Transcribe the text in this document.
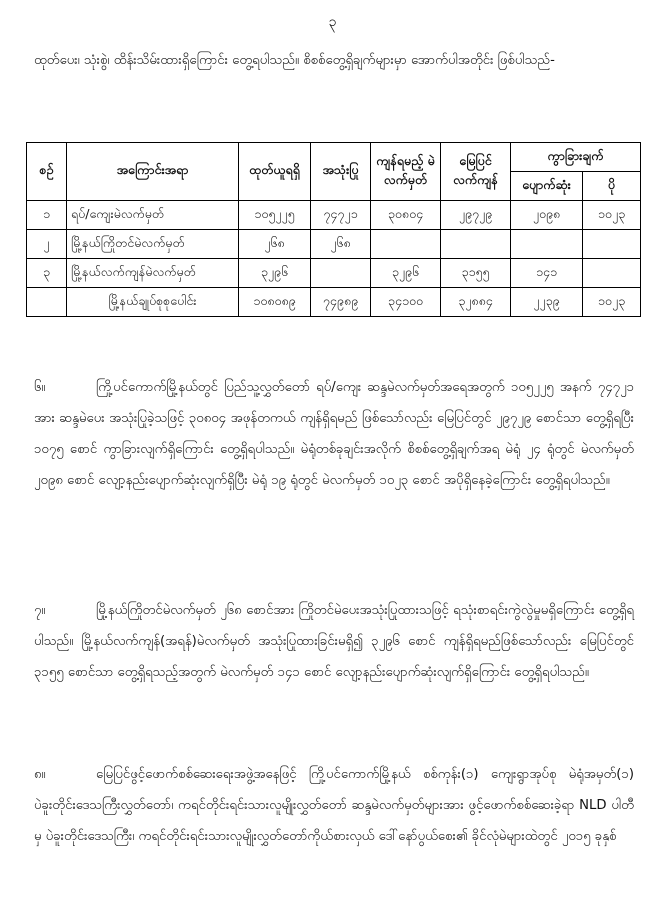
၃

ထုတ်ပေး၊ သုံးစွဲ၊ ထိန်းသိမ်းထားရှိကြောင်း တွေ့ရပါသည်။ စိစစ်တွေ့ရှိချက်များမှာ အောက်ပါအတိုင်း ဖြစ်ပါသည်-

စဉ်	အကြောင်းအရာ	ထုတ်ယူရရှိ	အသုံးပြု	ကျန်ရမည့် မဲလက်မှတ်	မြေပြင် လက်ကျန်	ကွာခြားချက်	
						ပျောက်ဆုံး	ပို
၁	ရပ်/ကျေးမဲလက်မှတ်	၁၀၅၂၂၅	၇၄၇၂၁	၃၀၈၀၄	၂၉၇၂၉	၂၀၉၈	၁၀၂၃
၂	မြို့နယ်ကြိုတင်မဲလက်မှတ်	၂၆၈	၂၆၈				
၃	မြို့နယ်လက်ကျန်မဲလက်မှတ်	၃၂၉၆		၃၂၉၆	၃၁၅၅	၁၄၁	
	မြို့နယ်ချုပ်စုစုပေါင်း	၁၀၈၀၈၉	၇၄၉၈၉	၃၄၁၀၀	၃၂၈၈၄	၂၂၃၉	၁၀၂၃

၆။	ကြို့ပင်ကောက်မြို့နယ်တွင် ပြည်သူ့လွှတ်တော် ရပ်/ကျေး ဆန္ဒမဲလက်မှတ်အရေအတွက် ၁၀၅၂၂၅ အနက် ၇၄၇၂၁ အား ဆန္ဒမဲပေး အသုံးပြုခဲ့သဖြင့် ၃၀၈၀၄ အဖုန်တကယ် ကျန်ရှိရမည် ဖြစ်သော်လည်း မြေပြင်တွင် ၂၉၇၂၉ စောင်သာ တွေ့ရှိရပြီး ၁၀၇၅ စောင် ကွာခြားလျက်ရှိကြောင်း တွေ့ရှိရပါသည်။ မဲရုံတစ်ခုချင်းအလိုက် စိစစ်တွေ့ရှိချက်အရ မဲရုံ ၂၄ ရုံတွင် မဲလက်မှတ် ၂၀၉၈ စောင် လျော့နည်းပျောက်ဆုံးလျက်ရှိပြီး မဲရုံ ၁၉ ရုံတွင် မဲလက်မှတ် ၁၀၂၃ စောင် အပိုရှိနေခဲ့ကြောင်း တွေ့ရှိရပါသည်။

၇။	မြို့နယ်ကြိုတင်မဲလက်မှတ် ၂၆၈ စောင်အား ကြိုတင်မဲပေးအသုံးပြုထားသဖြင့် ရသုံးစာရင်းကွဲလွဲမှုမရှိကြောင်း တွေ့ရှိရပါသည်။ မြို့နယ်လက်ကျန်(အရန်)မဲလက်မှတ် အသုံးပြုထားခြင်းမရှိ၍ ၃၂၉၆ စောင် ကျန်ရှိရမည်ဖြစ်သော်လည်း မြေပြင်တွင် ၃၁၅၅ စောင်သာ တွေ့ရှိရသည့်အတွက် မဲလက်မှတ် ၁၄၁ စောင် လျော့နည်းပျောက်ဆုံးလျက်ရှိကြောင်း တွေ့ရှိရပါသည်။

၈။	မြေပြင်ဖွင့်ဖောက်စစ်ဆေးရေးအဖွဲ့အနေဖြင့် ကြို့ပင်ကောက်မြို့နယ် စစ်ကုန်း(၁) ကျေးရွာအုပ်စု မဲရုံအမှတ်(၁) ပဲခူးတိုင်းဒေသကြီးလွှတ်တော်၊ ကရင်တိုင်းရင်းသားလူမျိုးလွှတ်တော် ဆန္ဒမဲလက်မှတ်များအား ဖွင့်ဖောက်စစ်ဆေးခဲ့ရာ NLD ပါတီမှ ပဲခူးတိုင်းဒေသကြီး၊ ကရင်တိုင်းရင်းသားလူမျိုးလွှတ်တော်ကိုယ်စားလှယ် ဒေါ်နော်ပွယ်စေး၏ ခိုင်လုံမဲများထဲတွင် ၂၀၁၅ ခုနှစ်
